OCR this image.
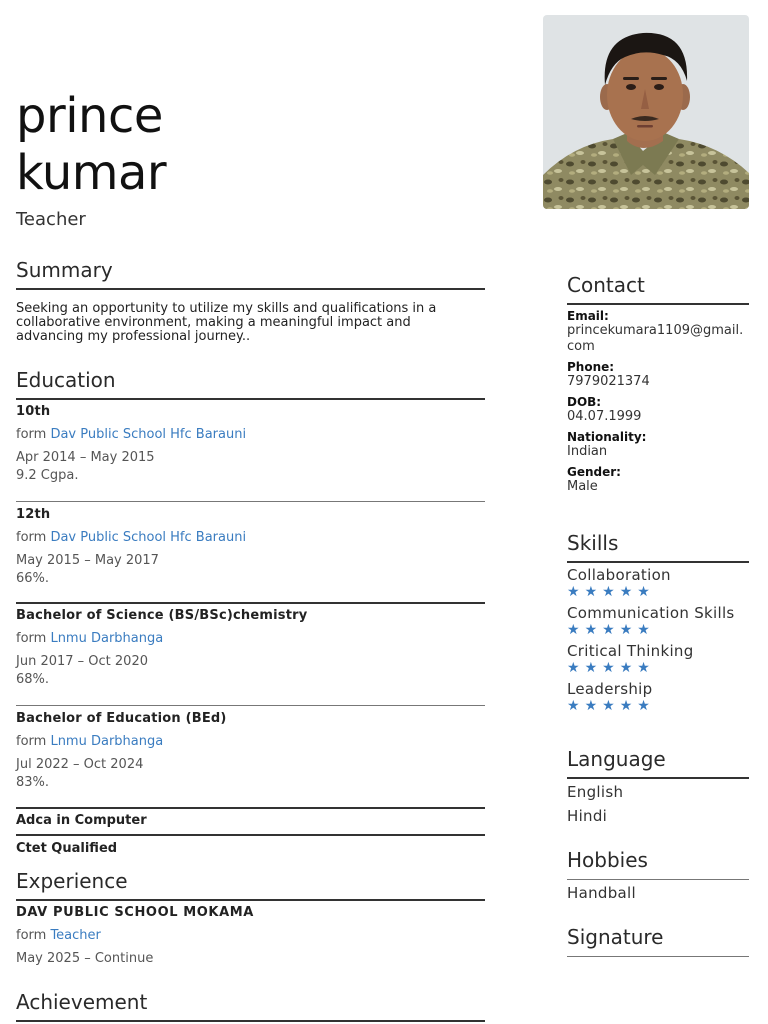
prince
kumar
Teacher
Summary
Seeking an opportunity to utilize my skills and qualifications in a collaborative environment, making a meaningful impact and advancing my professional journey..
Education
10th
form Dav Public School Hfc Barauni
Apr 2014 – May 2015
9.2 Cgpa.
12th
form Dav Public School Hfc Barauni
May 2015 – May 2017
66%.
Bachelor of Science (BS/BSc)chemistry
form Lnmu Darbhanga
Jun 2017 – Oct 2020
68%.
Bachelor of Education (BEd)
form Lnmu Darbhanga
Jul 2022 – Oct 2024
83%.
Adca in Computer
Ctet Qualified
Experience
DAV PUBLIC SCHOOL MOKAMA
form Teacher
May 2025 – Continue
Achievement
Contact
Email:
princekumara1109@gmail.com
Phone:
7979021374
DOB:
04.07.1999
Nationality:
Indian
Gender:
Male
Skills
Collaboration
★★★★★
Communication Skills
★★★★★
Critical Thinking
★★★★★
Leadership
★★★★★
Language
English
Hindi
Hobbies
Handball
Signature
